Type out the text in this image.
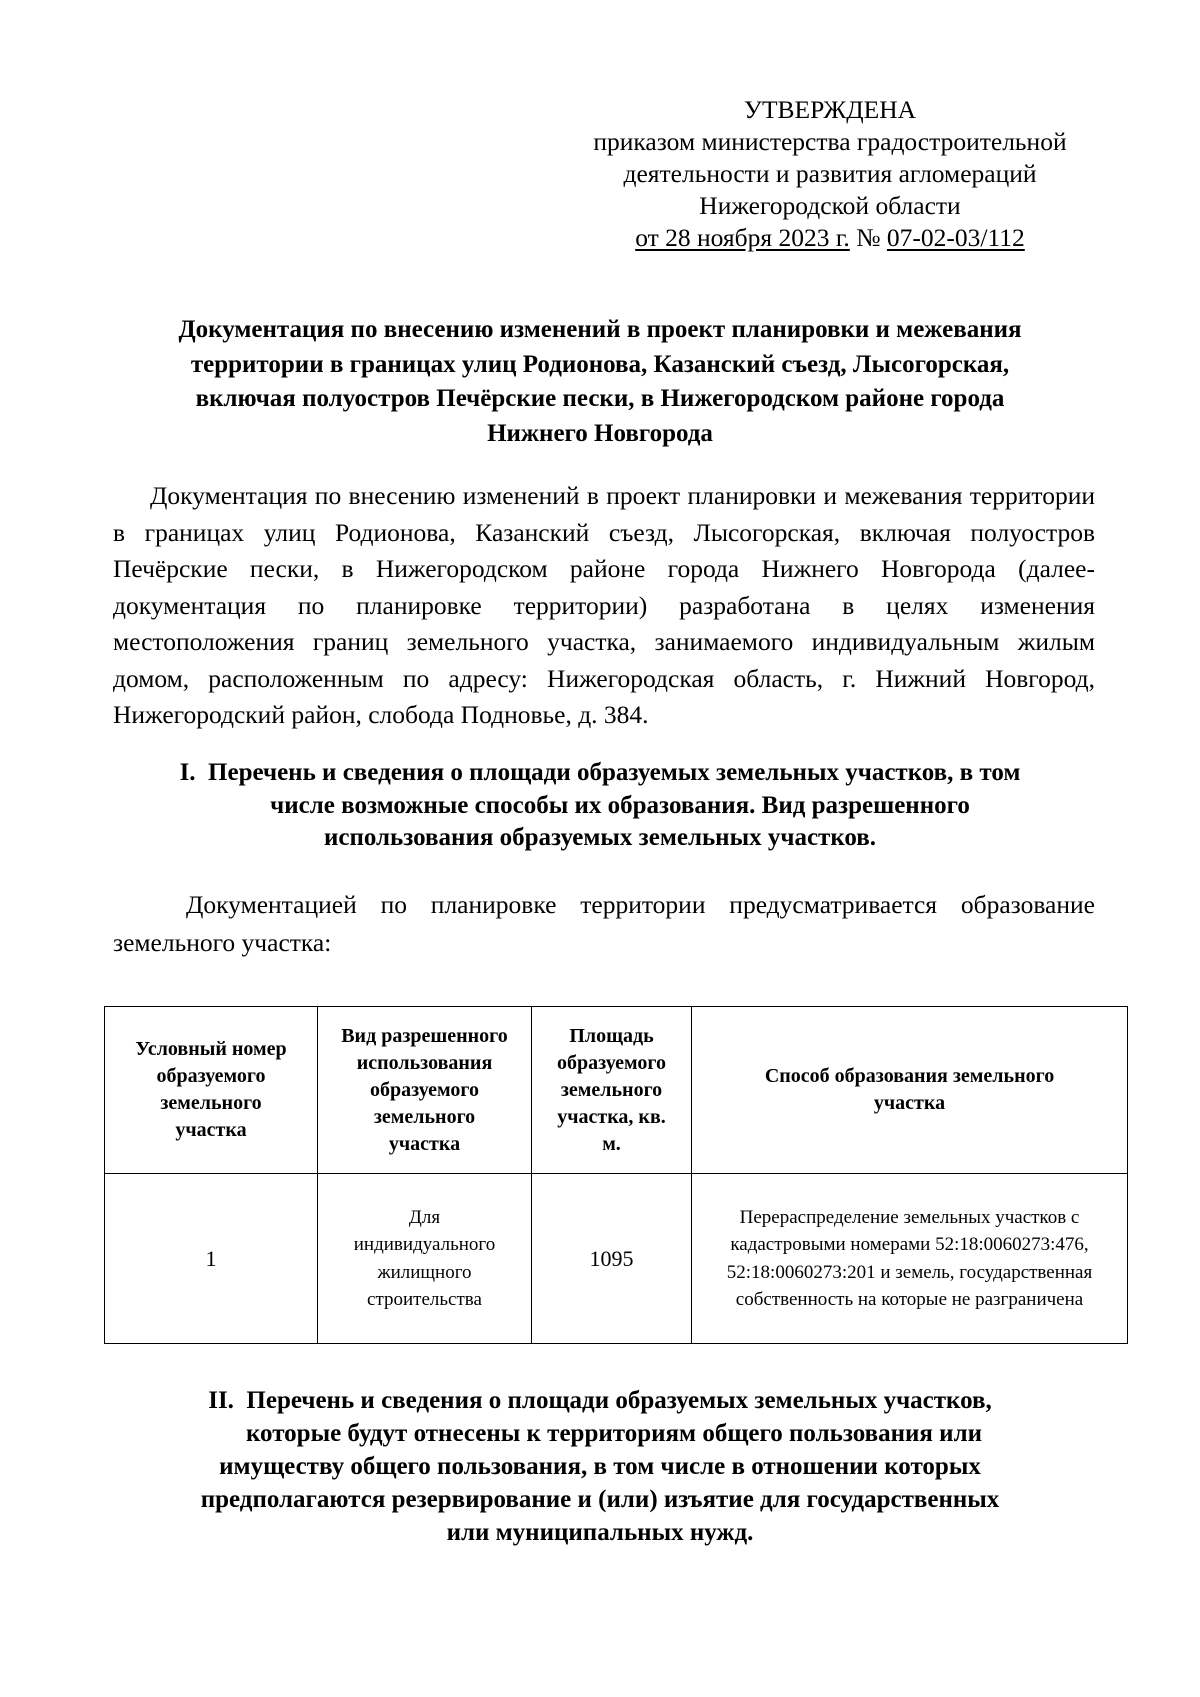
УТВЕРЖДЕНА
приказом министерства градостроительной
деятельности и развития агломераций
Нижегородской области
от 28 ноября 2023 г. № 07-02-03/112
Документация по внесению изменений в проект планировки и межевания
территории в границах улиц Родионова, Казанский съезд, Лысогорская,
включая полуостров Печёрские пески, в Нижегородском районе города
Нижнего Новгорода

Документация по внесению изменений в проект планировки и межевания территории в границах улиц Родионова, Казанский съезд, Лысогорская, включая полуостров Печёрские пески, в Нижегородском районе города Нижнего Новгорода (далее-документация по планировке территории) разработана в целях изменения местоположения границ земельного участка, занимаемого индивидуальным жилым домом, расположенным по адресу: Нижегородская область, г. Нижний Новгород, Нижегородский район, слобода Подновье, д. 384.

I.  Перечень и сведения о площади образуемых земельных участков, в том
числе возможные способы их образования. Вид разрешенного
использования образуемых земельных участков.

Документацией по планировке территории предусматривается образование земельного участка:

Условный номер образуемого земельного участка	Вид разрешенного использования образуемого земельного участка	Площадь образуемого земельного участка, кв. м.	Способ образования земельного участка
1	Для индивидуального жилищного строительства	1095	Перераспределение земельных участков с кадастровыми номерами 52:18:0060273:476, 52:18:0060273:201 и земель, государственная собственность на которые не разграничена
II.  Перечень и сведения о площади образуемых земельных участков,
которые будут отнесены к территориям общего пользования или
имуществу общего пользования, в том числе в отношении которых
предполагаются резервирование и (или) изъятие для государственных
или муниципальных нужд.
